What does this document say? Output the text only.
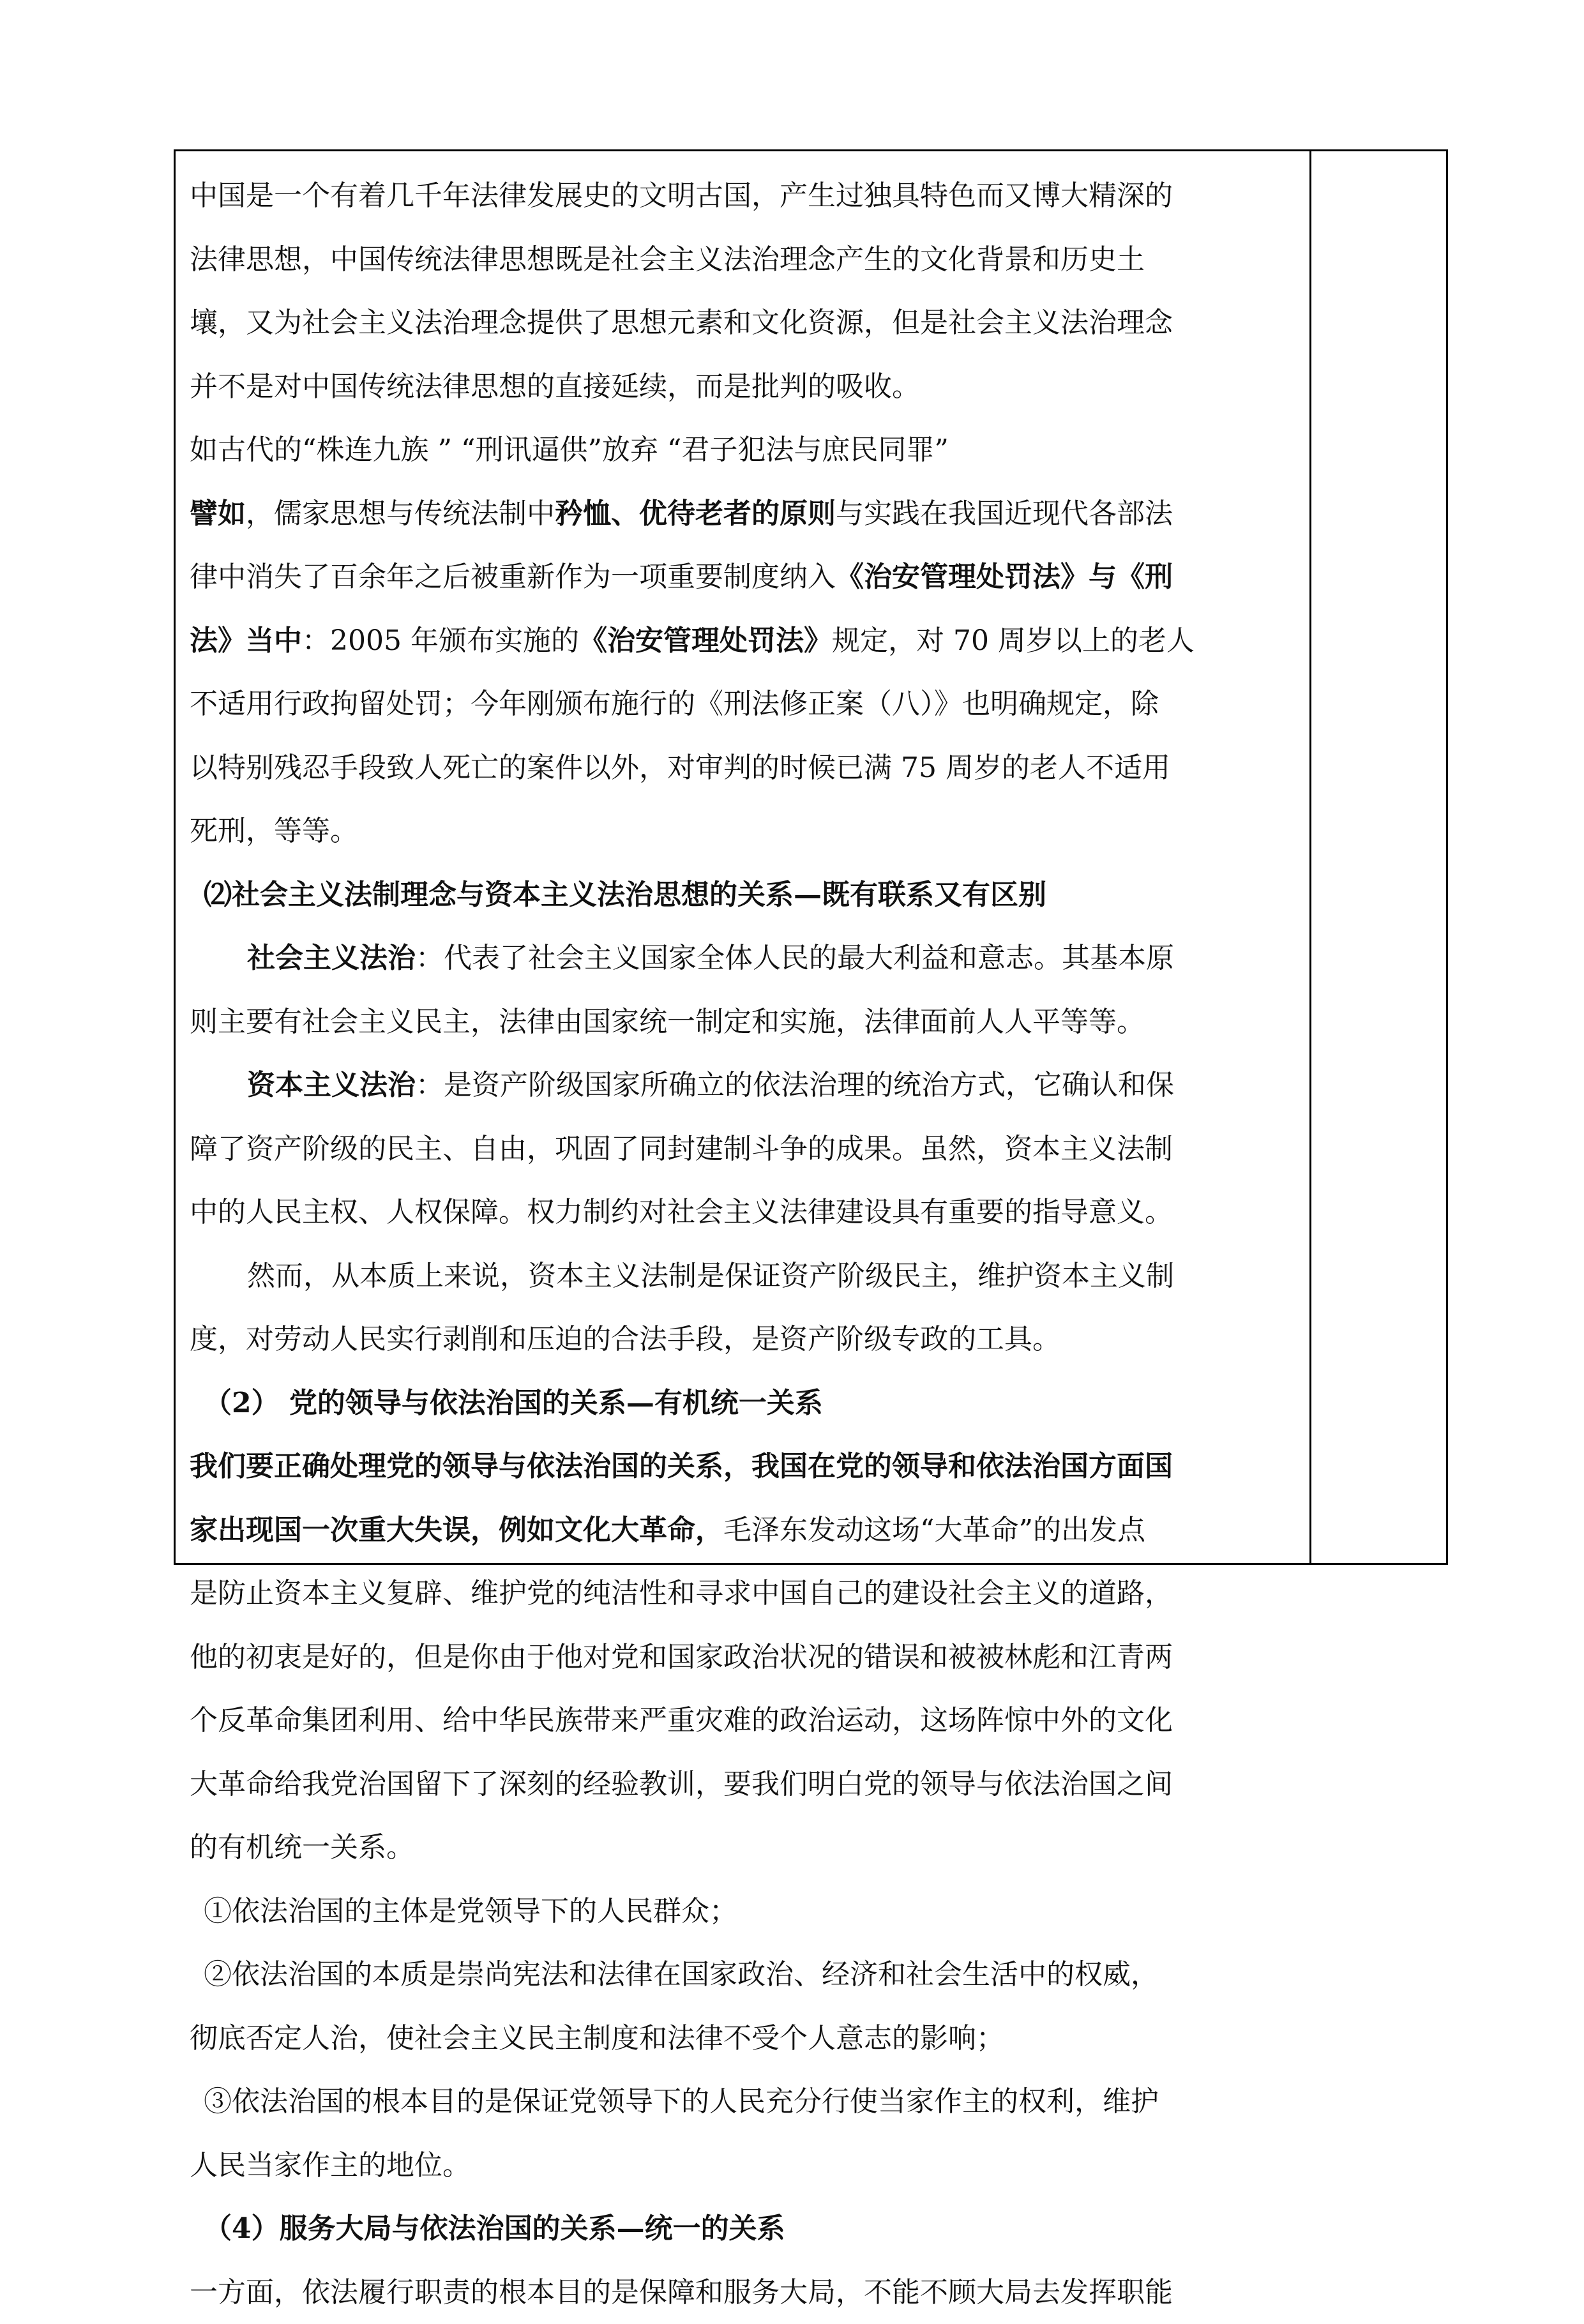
中国是一个有着几千年法律发展史的文明古国，产生过独具特色而又博大精深的

法律思想，中国传统法律思想既是社会主义法治理念产生的文化背景和历史土

壤，又为社会主义法治理念提供了思想元素和文化资源，但是社会主义法治理念

并不是对中国传统法律思想的直接延续，而是批判的吸收。

如古代的“株连九族 ” “刑讯逼供”放弃 “君子犯法与庶民同罪”

譬如，儒家思想与传统法制中矜恤、优待老者的原则与实践在我国近现代各部法

律中消失了百余年之后被重新作为一项重要制度纳入《治安管理处罚法》与《刑

法》当中：2005 年颁布实施的《治安管理处罚法》规定，对 70 周岁以上的老人

不适用行政拘留处罚；今年刚颁布施行的《刑法修正案（八）》也明确规定，除

以特别残忍手段致人死亡的案件以外，对审判的时候已满 75 周岁的老人不适用

死刑，等等。

⑵社会主义法制理念与资本主义法治思想的关系—既有联系又有区别

社会主义法治：代表了社会主义国家全体人民的最大利益和意志。其基本原

则主要有社会主义民主，法律由国家统一制定和实施，法律面前人人平等等。

资本主义法治：是资产阶级国家所确立的依法治理的统治方式，它确认和保

障了资产阶级的民主、自由，巩固了同封建制斗争的成果。虽然，资本主义法制

中的人民主权、人权保障。权力制约对社会主义法律建设具有重要的指导意义。

然而，从本质上来说，资本主义法制是保证资产阶级民主，维护资本主义制

度，对劳动人民实行剥削和压迫的合法手段，是资产阶级专政的工具。

（2） 党的领导与依法治国的关系—有机统一关系

我们要正确处理党的领导与依法治国的关系，我国在党的领导和依法治国方面国

家出现国一次重大失误，例如文化大革命，毛泽东发动这场“大革命”的出发点

是防止资本主义复辟、维护党的纯洁性和寻求中国自己的建设社会主义的道路，

他的初衷是好的，但是你由于他对党和国家政治状况的错误和被被林彪和江青两

个反革命集团利用、给中华民族带来严重灾难的政治运动，这场阵惊中外的文化

大革命给我党治国留下了深刻的经验教训，要我们明白党的领导与依法治国之间

的有机统一关系。

①依法治国的主体是党领导下的人民群众；

②依法治国的本质是崇尚宪法和法律在国家政治、经济和社会生活中的权威，

彻底否定人治，使社会主义民主制度和法律不受个人意志的影响；

③依法治国的根本目的是保证党领导下的人民充分行使当家作主的权利，维护

人民当家作主的地位。

（4）服务大局与依法治国的关系—统一的关系

一方面，依法履行职责的根本目的是保障和服务大局，不能不顾大局去发挥职能
